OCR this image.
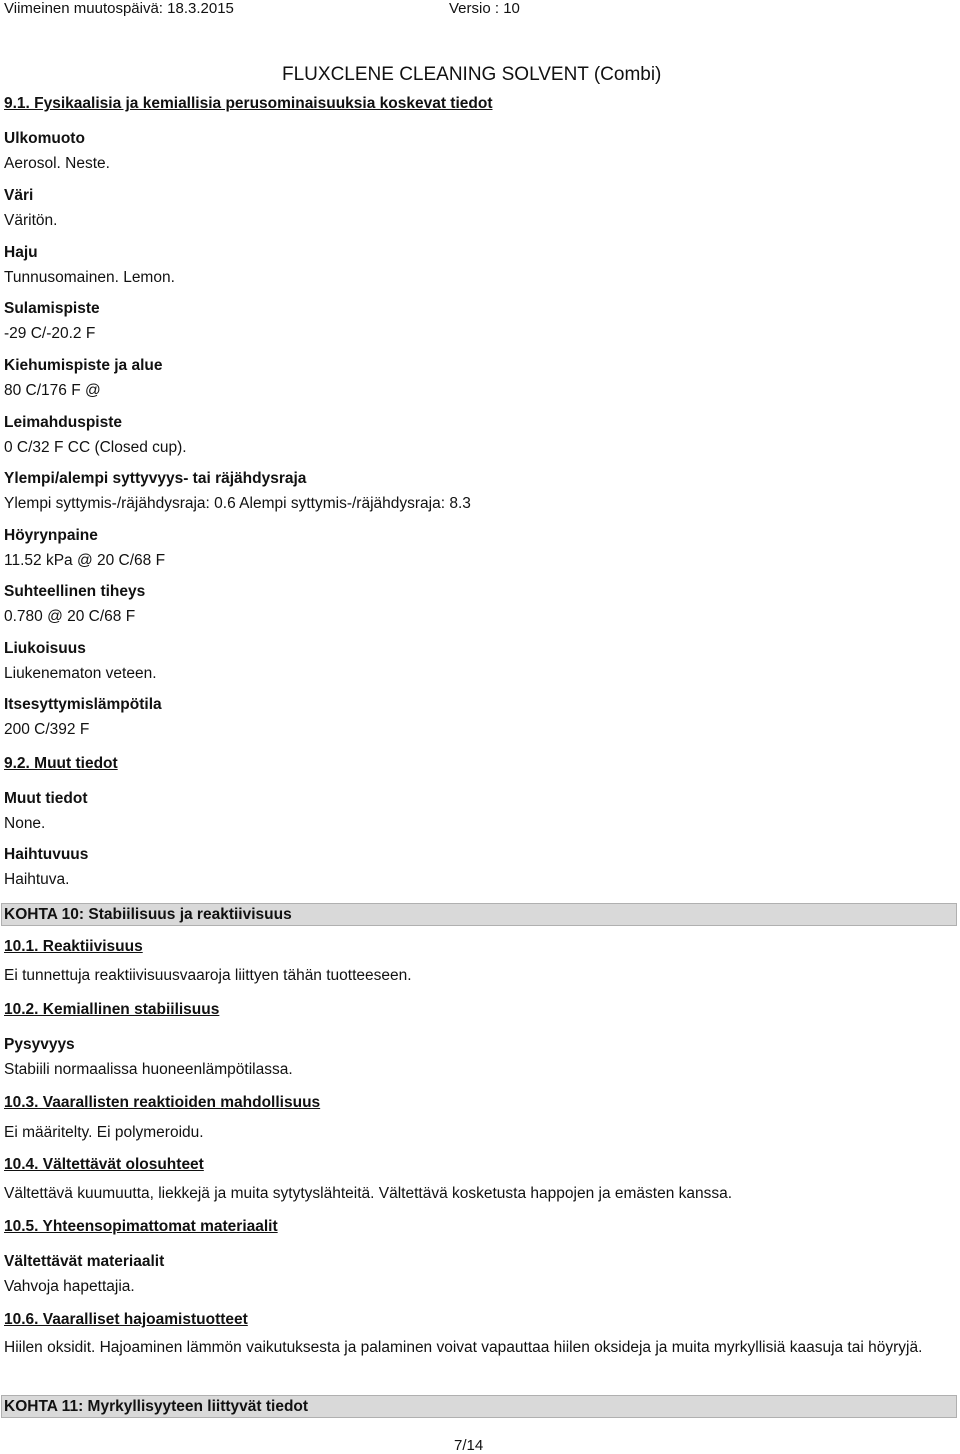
Viimeinen muutospäivä: 18.3.2015	Versio : 10
FLUXCLENE CLEANING SOLVENT (Combi)
9.1. Fysikaalisia ja kemiallisia perusominaisuuksia koskevat tiedot
Ulkomuoto
Aerosol. Neste.
Väri
Väritön.
Haju
Tunnusomainen. Lemon.
Sulamispiste
-29 C/-20.2 F
Kiehumispiste ja alue
80 C/176 F @
Leimahduspiste
0 C/32 F CC (Closed cup).
Ylempi/alempi syttyvyys- tai räjähdysraja
Ylempi syttymis-/räjähdysraja: 0.6 Alempi syttymis-/räjähdysraja: 8.3
Höyrynpaine
11.52 kPa @ 20 C/68 F
Suhteellinen tiheys
0.780 @ 20 C/68 F
Liukoisuus
Liukenematon veteen.
Itsesyttymislämpötila
200 C/392 F
9.2. Muut tiedot
Muut tiedot
None.
Haihtuvuus
Haihtuva.
KOHTA 10: Stabiilisuus ja reaktiivisuus
10.1. Reaktiivisuus
Ei tunnettuja reaktiivisuusvaaroja liittyen tähän tuotteeseen.
10.2. Kemiallinen stabiilisuus
Pysyvyys
Stabiili normaalissa huoneenlämpötilassa.
10.3. Vaarallisten reaktioiden mahdollisuus
Ei määritelty. Ei polymeroidu.
10.4. Vältettävät olosuhteet
Vältettävä kuumuutta, liekkejä ja muita sytytyslähteitä. Vältettävä kosketusta happojen ja emästen kanssa.
10.5. Yhteensopimattomat materiaalit
Vältettävät materiaalit
Vahvoja hapettajia.
10.6. Vaaralliset hajoamistuotteet
Hiilen oksidit. Hajoaminen lämmön vaikutuksesta ja palaminen voivat vapauttaa hiilen oksideja ja muita myrkyllisiä kaasuja tai höyryjä.
KOHTA 11: Myrkyllisyyteen liittyvät tiedot
7/14
